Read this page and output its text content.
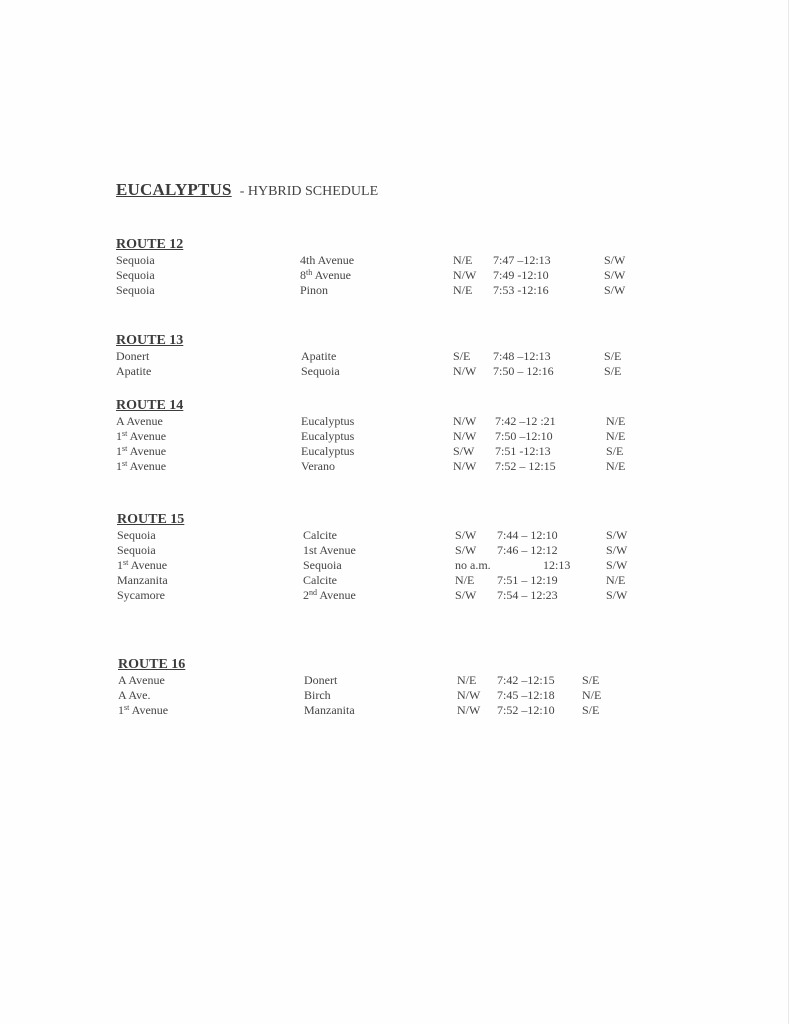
EUCALYPTUS - HYBRID SCHEDULE
ROUTE 12
Sequoia	4th Avenue	N/E 7:47 –12:13	S/W
Sequoia	8th Avenue	N/W 7:49 -12:10	S/W
Sequoia	Pinon	N/E 7:53 -12:16	S/W
ROUTE 13
Donert	Apatite	S/E 7:48 –12:13	S/E
Apatite	Sequoia	N/W 7:50 – 12:16	S/E
ROUTE 14
A Avenue	Eucalyptus	N/W 7:42 –12 :21	N/E
1st Avenue	Eucalyptus	N/W 7:50 –12:10	N/E
1st Avenue	Eucalyptus	S/W 7:51 -12:13	S/E
1st Avenue	Verano	N/W 7:52 – 12:15	N/E
ROUTE 15
Sequoia	Calcite	S/W 7:44 – 12:10	S/W
Sequoia	1st Avenue	S/W 7:46 – 12:12	S/W
1st Avenue	Sequoia	no a.m.	12:13	S/W
Manzanita	Calcite	N/E 7:51 – 12:19	N/E
Sycamore	2nd Avenue	S/W 7:54 – 12:23	S/W
ROUTE 16
A Avenue	Donert	N/E 7:42 –12:15 S/E
A Ave.	Birch	N/W 7:45 –12:18 N/E
1st Avenue	Manzanita	N/W 7:52 –12:10 S/E
